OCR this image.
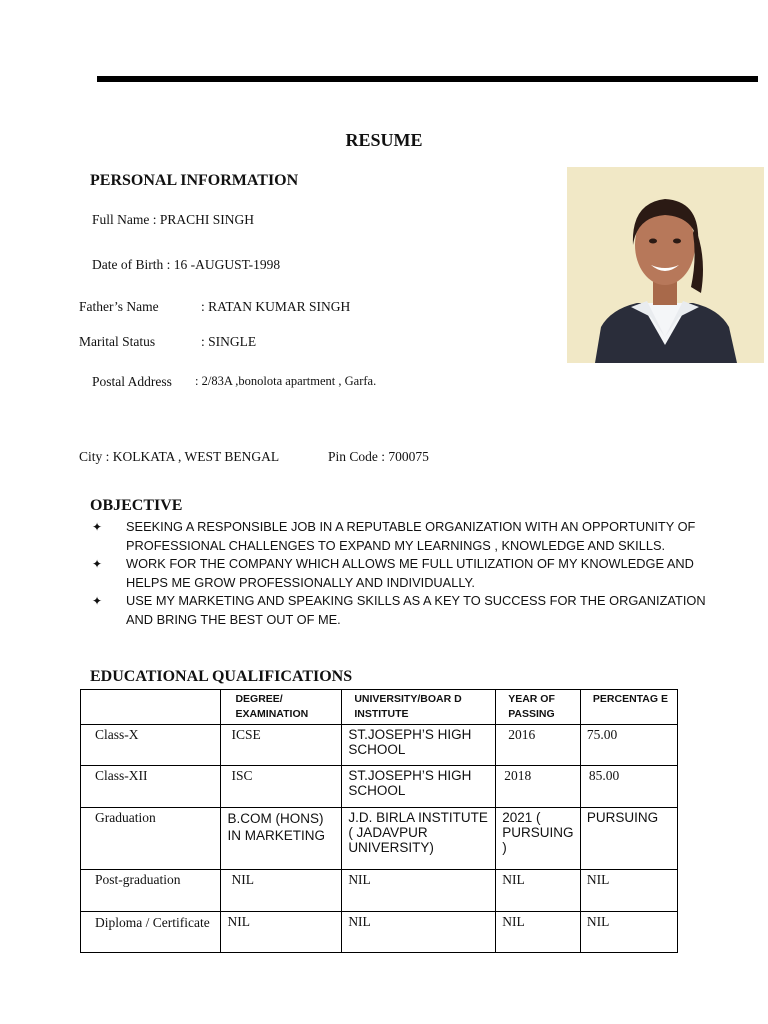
RESUME
PERSONAL INFORMATION
Full Name : PRACHI SINGH
Date of Birth : 16 -AUGUST-1998
Father’s Name	: RATAN KUMAR SINGH
Marital Status	: SINGLE
Postal Address : 2/83A ,bonolota apartment , Garfa.
City : KOLKATA , WEST BENGAL	Pin Code : 700075
OBJECTIVE
✦ SEEKING A RESPONSIBLE JOB IN A REPUTABLE ORGANIZATION WITH AN OPPORTUNITY OF PROFESSIONAL CHALLENGES TO EXPAND MY LEARNINGS , KNOWLEDGE AND SKILLS.
✦ WORK FOR THE COMPANY WHICH ALLOWS ME FULL UTILIZATION OF MY KNOWLEDGE AND HELPS ME GROW PROFESSIONALLY AND INDIVIDUALLY.
✦ USE MY MARKETING AND SPEAKING SKILLS AS A KEY TO SUCCESS FOR THE ORGANIZATION AND BRING THE BEST OUT OF ME.
EDUCATIONAL QUALIFICATIONS
	DEGREE/ EXAMINATION	UNIVERSITY/BOAR D INSTITUTE	YEAR OF PASSING	PERCENTAG E
Class-X	ICSE	ST.JOSEPH’S HIGH SCHOOL	2016	75.00
Class-XII	ISC	ST.JOSEPH’S HIGH SCHOOL	2018	85.00
Graduation	B.COM (HONS) IN MARKETING	J.D. BIRLA INSTITUTE ( JADAVPUR UNIVERSITY)	2021 ( PURSUING )	PURSUING
Post-graduation	NIL	NIL	NIL	NIL
Diploma / Certificate	NIL	NIL	NIL	NIL
